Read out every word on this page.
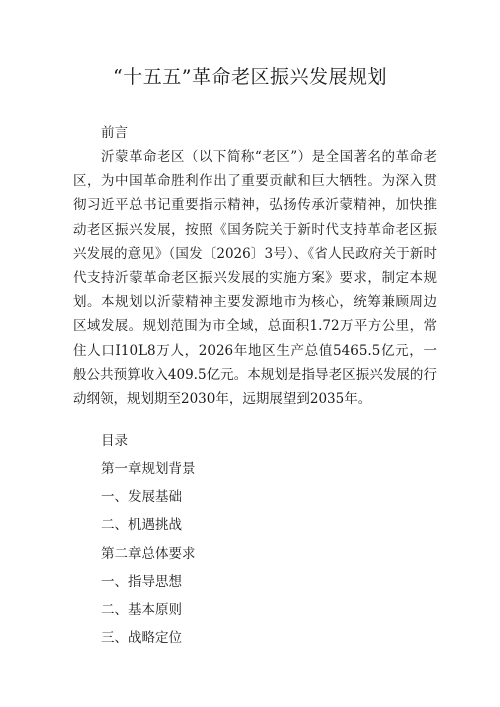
“十五五”革命老区振兴发展规划

前言

沂蒙革命老区（以下简称“老区”）是全国著名的革命老区，为中国革命胜利作出了重要贡献和巨大牺牲。为深入贯彻习近平总书记重要指示精神，弘扬传承沂蒙精神，加快推动老区振兴发展，按照《国务院关于新时代支持革命老区振兴发展的意见》（国发〔2026〕3号）、《省人民政府关于新时代支持沂蒙革命老区振兴发展的实施方案》要求，制定本规划。本规划以沂蒙精神主要发源地市为核心，统筹兼顾周边区域发展。规划范围为市全域，总面积1.72万平方公里，常住人口I10L8万人，2026年地区生产总值5465.5亿元，一般公共预算收入409.5亿元。本规划是指导老区振兴发展的行动纲领，规划期至2030年，远期展望到2035年。

目录

第一章规划背景
一、发展基础
二、机遇挑战
第二章总体要求
一、指导思想
二、基本原则
三、战略定位
